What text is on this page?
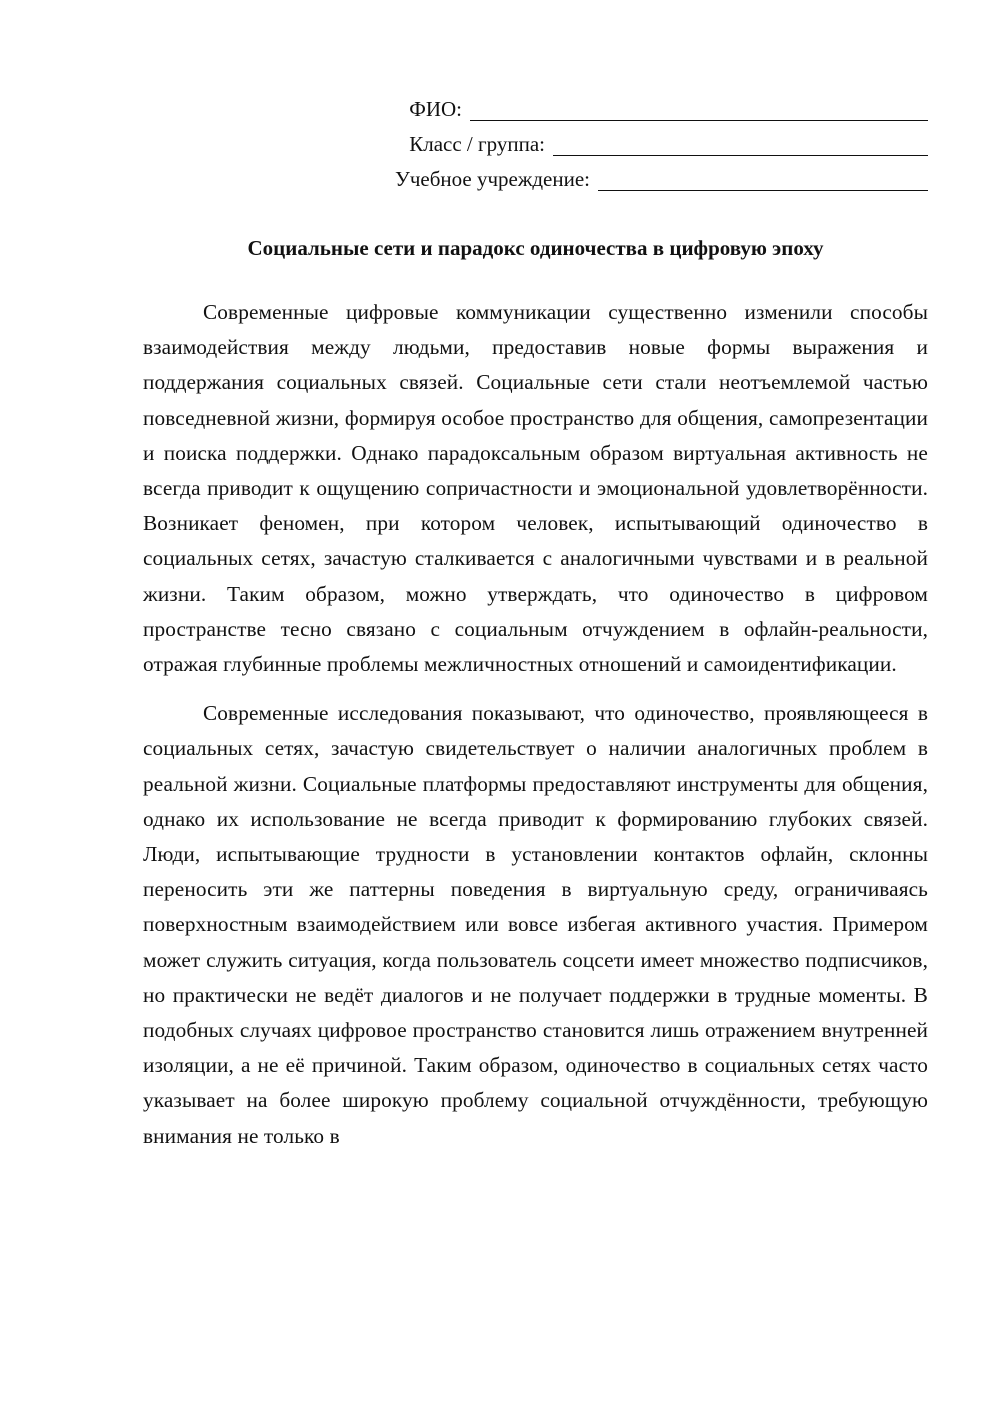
ФИО:
Класс / группа:
Учебное учреждение:
Социальные сети и парадокс одиночества в цифровую эпоху

Современные цифровые коммуникации существенно изменили способы взаимодействия между людьми, предоставив новые формы выражения и поддержания социальных связей. Социальные сети стали неотъемлемой частью повседневной жизни, формируя особое пространство для общения, самопрезентации и поиска поддержки. Однако парадоксальным образом виртуальная активность не всегда приводит к ощущению сопричастности и эмоциональной удовлетворённости. Возникает феномен, при котором человек, испытывающий одиночество в социальных сетях, зачастую сталкивается с аналогичными чувствами и в реальной жизни. Таким образом, можно утверждать, что одиночество в цифровом пространстве тесно связано с социальным отчуждением в офлайн-реальности, отражая глубинные проблемы межличностных отношений и самоидентификации.

Современные исследования показывают, что одиночество, проявляющееся в социальных сетях, зачастую свидетельствует о наличии аналогичных проблем в реальной жизни. Социальные платформы предоставляют инструменты для общения, однако их использование не всегда приводит к формированию глубоких связей. Люди, испытывающие трудности в установлении контактов офлайн, склонны переносить эти же паттерны поведения в виртуальную среду, ограничиваясь поверхностным взаимодействием или вовсе избегая активного участия. Примером может служить ситуация, когда пользователь соцсети имеет множество подписчиков, но практически не ведёт диалогов и не получает поддержки в трудные моменты. В подобных случаях цифровое пространство становится лишь отражением внутренней изоляции, а не её причиной. Таким образом, одиночество в социальных сетях часто указывает на более широкую проблему социальной отчуждённости, требующую внимания не только в
